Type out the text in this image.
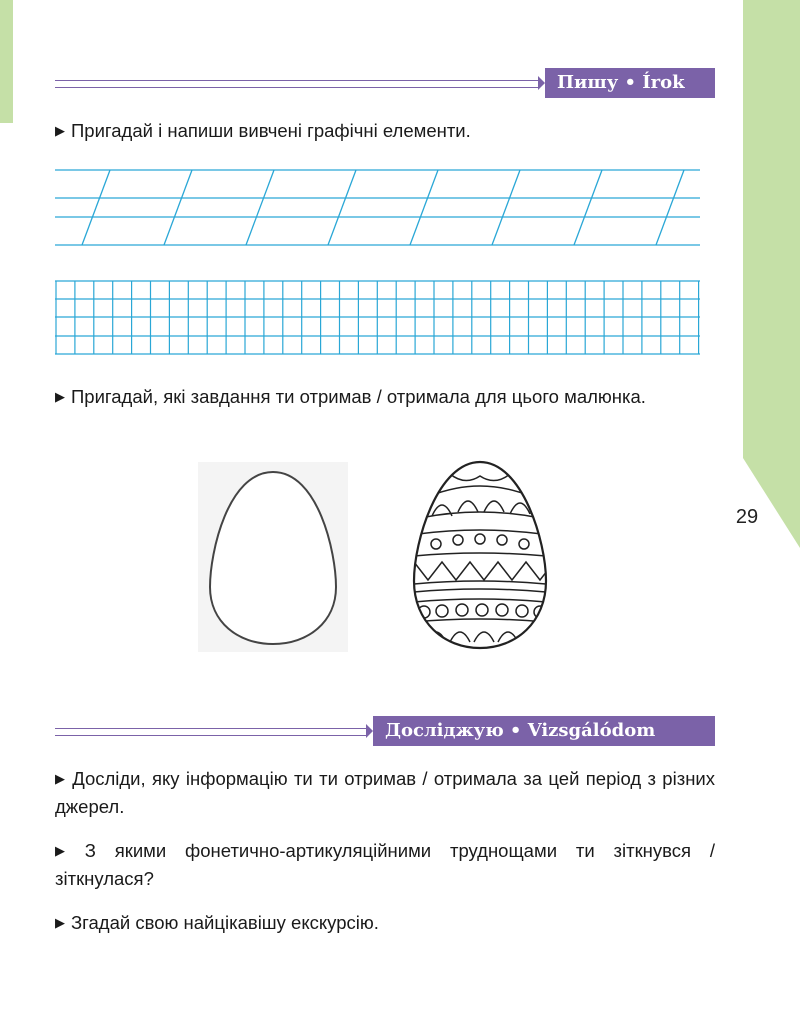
29
Пишу • Írok
▶ Пригадай і напиши вивчені графічні елементи.
▶ Пригадай, які завдання ти отримав / отримала для цього малюнка.
Досліджую • Vizsgálódom
▶ Досліди, яку інформацію ти ти отримав / отримала за цей період з різних джерел.
▶ З якими фонетично-артикуляційними труднощами ти зіткнувся / зіткнулася?
▶ Згадай свою найцікавішу екскурсію.
